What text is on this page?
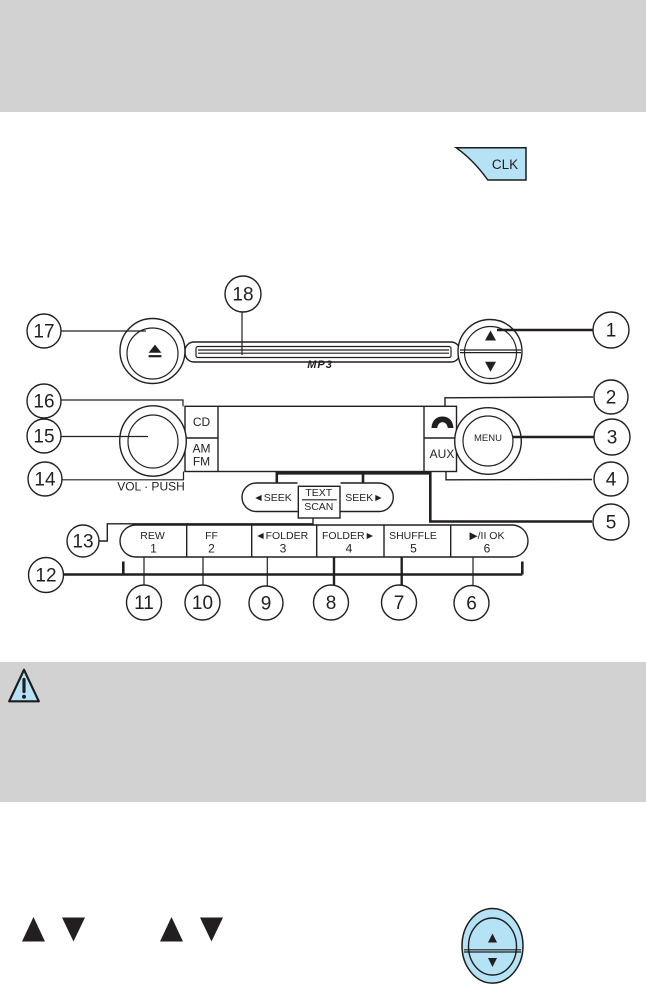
CLK
MP3
CD
AM
FM
AUX
VOL · PUSH
MENU
◄SEEK	SEEK►
TEXT
SCAN
REW
1
FF
2
◄FOLDER
3
FOLDER►
4
SHUFFLE
5
▶/II OK
6
1
2
3
4
5
6
7
8
9
10
11
12
13
14
15
16
17
18
